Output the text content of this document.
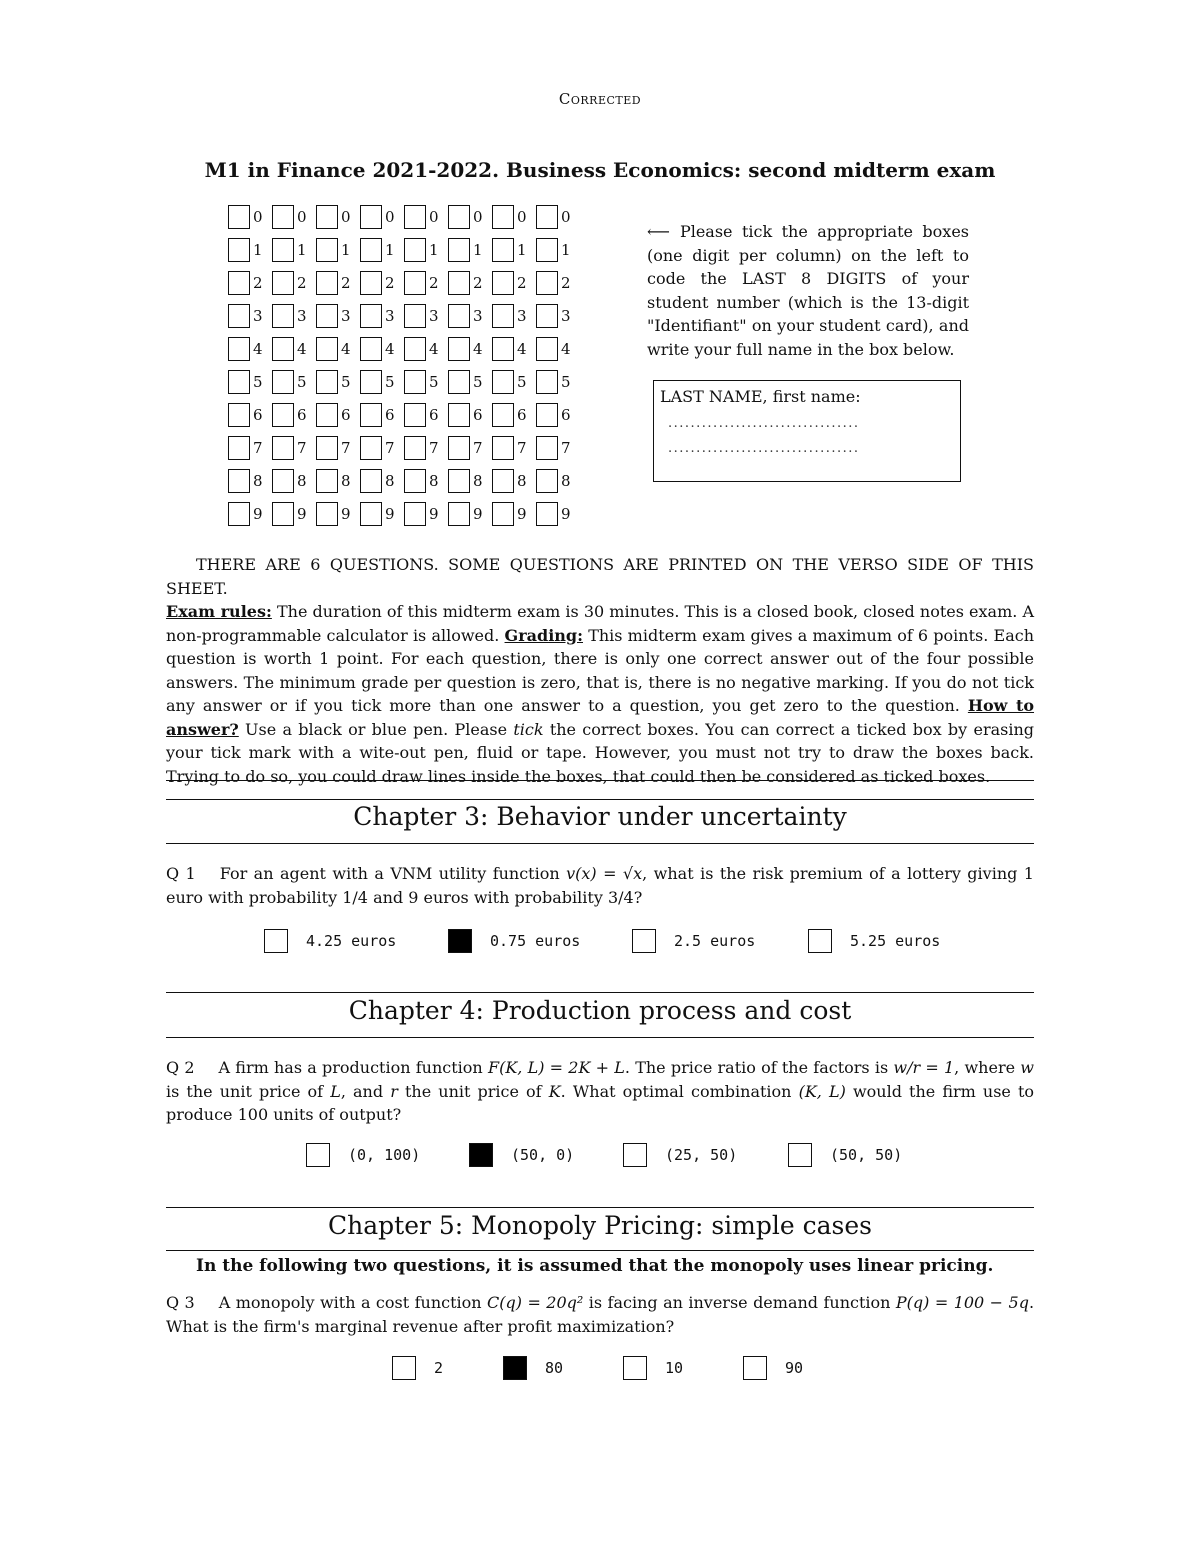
Corrected
M1 in Finance 2021-2022. Business Economics: second midterm exam
0 0 0 0 0 0 0 0
1 1 1 1 1 1 1 1
2 2 2 2 2 2 2 2
3 3 3 3 3 3 3 3
4 4 4 4 4 4 4 4
5 5 5 5 5 5 5 5
6 6 6 6 6 6 6 6
7 7 7 7 7 7 7 7
8 8 8 8 8 8 8 8
9 9 9 9 9 9 9 9
⟵ Please tick the appropriate boxes (one digit per column) on the left to code the LAST 8 DIGITS of your student number (which is the 13-digit "Identifiant" on your student card), and write your full name in the box below.
LAST NAME, first name:
..................................
..................................
THERE ARE 6 QUESTIONS. SOME QUESTIONS ARE PRINTED ON THE VERSO SIDE OF THIS SHEET.
Exam rules: The duration of this midterm exam is 30 minutes. This is a closed book, closed notes exam. A non-programmable calculator is allowed. Grading: This midterm exam gives a maximum of 6 points. Each question is worth 1 point. For each question, there is only one correct answer out of the four possible answers. The minimum grade per question is zero, that is, there is no negative marking. If you do not tick any answer or if you tick more than one answer to a question, you get zero to the question. How to answer? Use a black or blue pen. Please tick the correct boxes. You can correct a ticked box by erasing your tick mark with a wite-out pen, fluid or tape. However, you must not try to draw the boxes back. Trying to do so, you could draw lines inside the boxes, that could then be considered as ticked boxes.
Chapter 3: Behavior under uncertainty
Q 1 For an agent with a VNM utility function v(x) = √x, what is the risk premium of a lottery giving 1 euro with probability 1/4 and 9 euros with probability 3/4?
4.25 euros	0.75 euros	2.5 euros	5.25 euros
Chapter 4: Production process and cost
Q 2 A firm has a production function F(K, L) = 2K + L. The price ratio of the factors is w/r = 1, where w is the unit price of L, and r the unit price of K. What optimal combination (K, L) would the firm use to produce 100 units of output?
(0, 100)	(50, 0)	(25, 50)	(50, 50)
Chapter 5: Monopoly Pricing: simple cases
In the following two questions, it is assumed that the monopoly uses linear pricing.
Q 3 A monopoly with a cost function C(q) = 20q² is facing an inverse demand function P(q) = 100 − 5q. What is the firm's marginal revenue after profit maximization?
2	80	10	90
